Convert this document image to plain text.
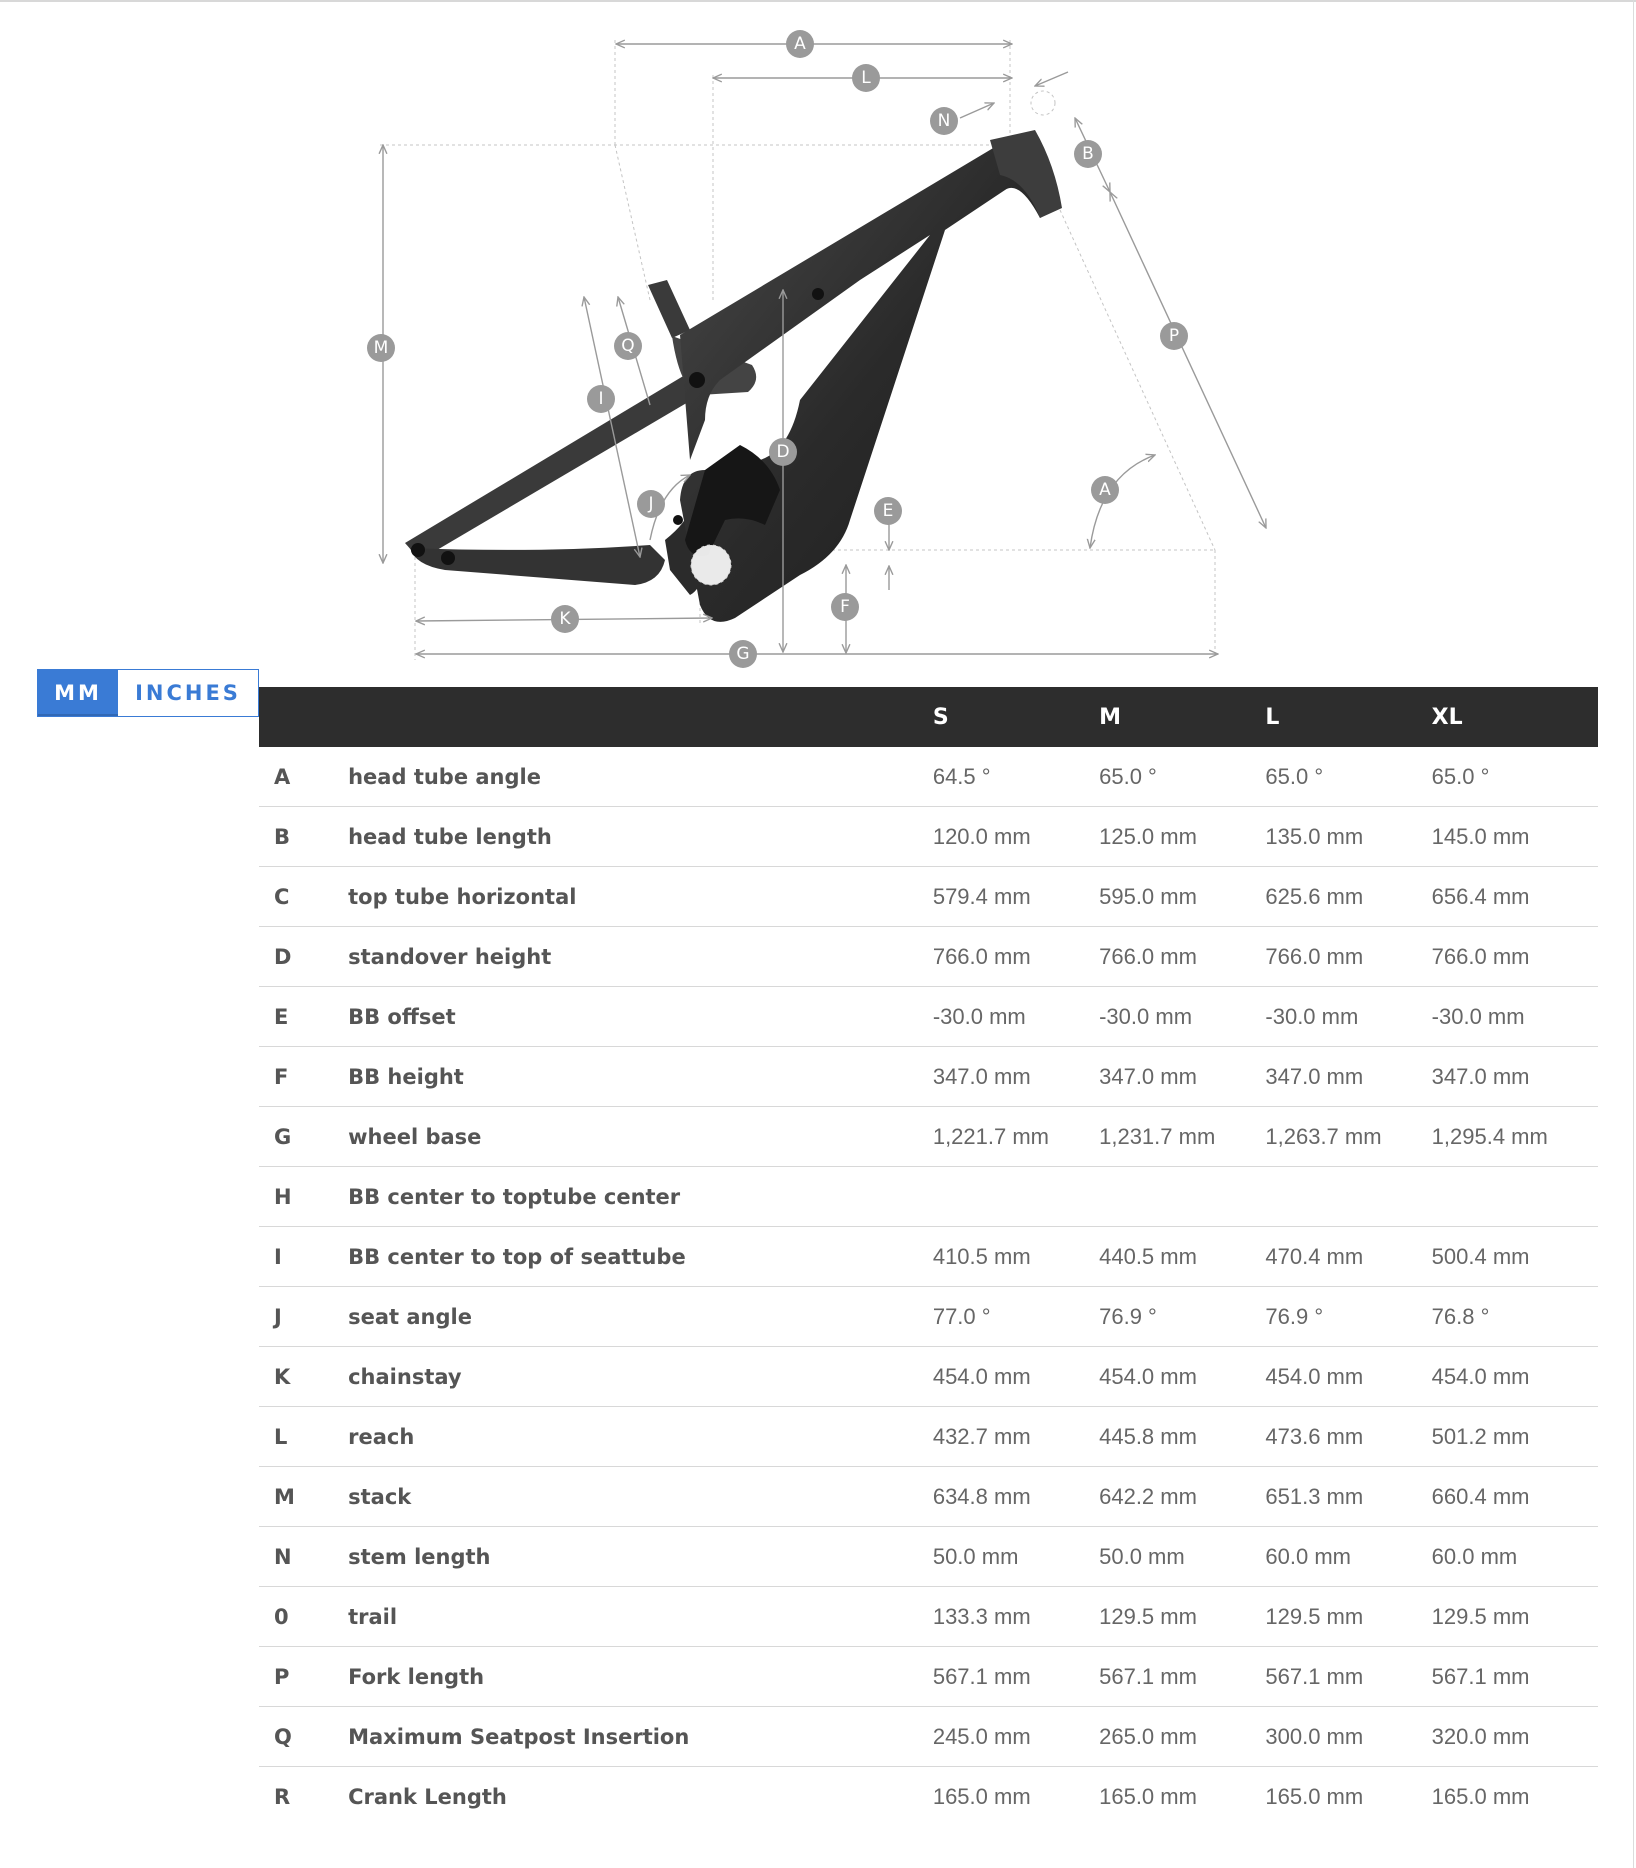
A
A
B
D
E
F
G
I
J
K
L
M
N
P
Q
MM	INCHES
		S	M	L	XL
A	head tube angle	64.5 °	65.0 °	65.0 °	65.0 °
B	head tube length	120.0 mm	125.0 mm	135.0 mm	145.0 mm
C	top tube horizontal	579.4 mm	595.0 mm	625.6 mm	656.4 mm
D	standover height	766.0 mm	766.0 mm	766.0 mm	766.0 mm
E	BB offset	-30.0 mm	-30.0 mm	-30.0 mm	-30.0 mm
F	BB height	347.0 mm	347.0 mm	347.0 mm	347.0 mm
G	wheel base	1,221.7 mm	1,231.7 mm	1,263.7 mm	1,295.4 mm
H	BB center to toptube center				
I	BB center to top of seattube	410.5 mm	440.5 mm	470.4 mm	500.4 mm
J	seat angle	77.0 °	76.9 °	76.9 °	76.8 °
K	chainstay	454.0 mm	454.0 mm	454.0 mm	454.0 mm
L	reach	432.7 mm	445.8 mm	473.6 mm	501.2 mm
M	stack	634.8 mm	642.2 mm	651.3 mm	660.4 mm
N	stem length	50.0 mm	50.0 mm	60.0 mm	60.0 mm
0	trail	133.3 mm	129.5 mm	129.5 mm	129.5 mm
P	Fork length	567.1 mm	567.1 mm	567.1 mm	567.1 mm
Q	Maximum Seatpost Insertion	245.0 mm	265.0 mm	300.0 mm	320.0 mm
R	Crank Length	165.0 mm	165.0 mm	165.0 mm	165.0 mm
